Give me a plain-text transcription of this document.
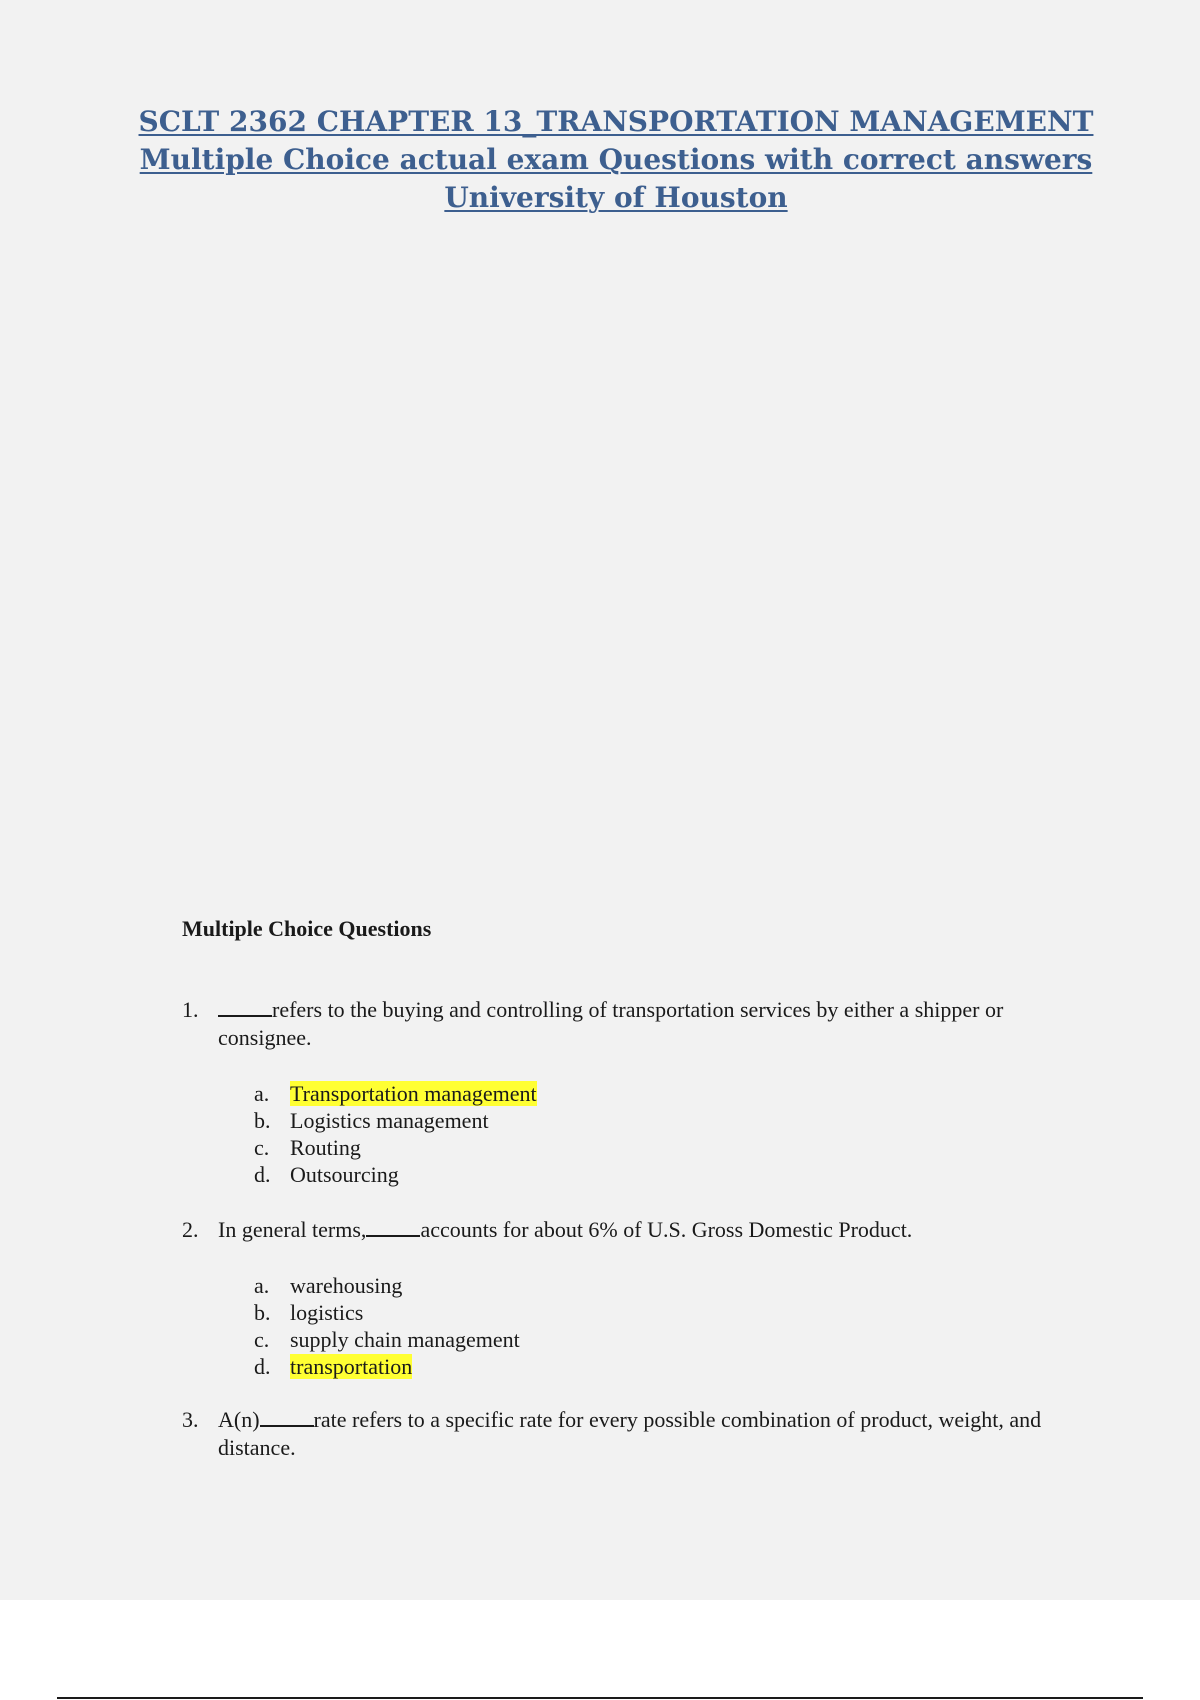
SCLT 2362 CHAPTER 13_TRANSPORTATION MANAGEMENT
Multiple Choice actual exam Questions with correct answers
University of Houston
Multiple Choice Questions
1.	refers to the buying and controlling of transportation services by either a shipper or consignee.
a. Transportation management
b. Logistics management
c. Routing
d. Outsourcing
2. In general terms, accounts for about 6% of U.S. Gross Domestic Product.
a. warehousing
b. logistics
c. supply chain management
d. transportation
3. A(n) rate refers to a specific rate for every possible combination of product, weight, and distance.
